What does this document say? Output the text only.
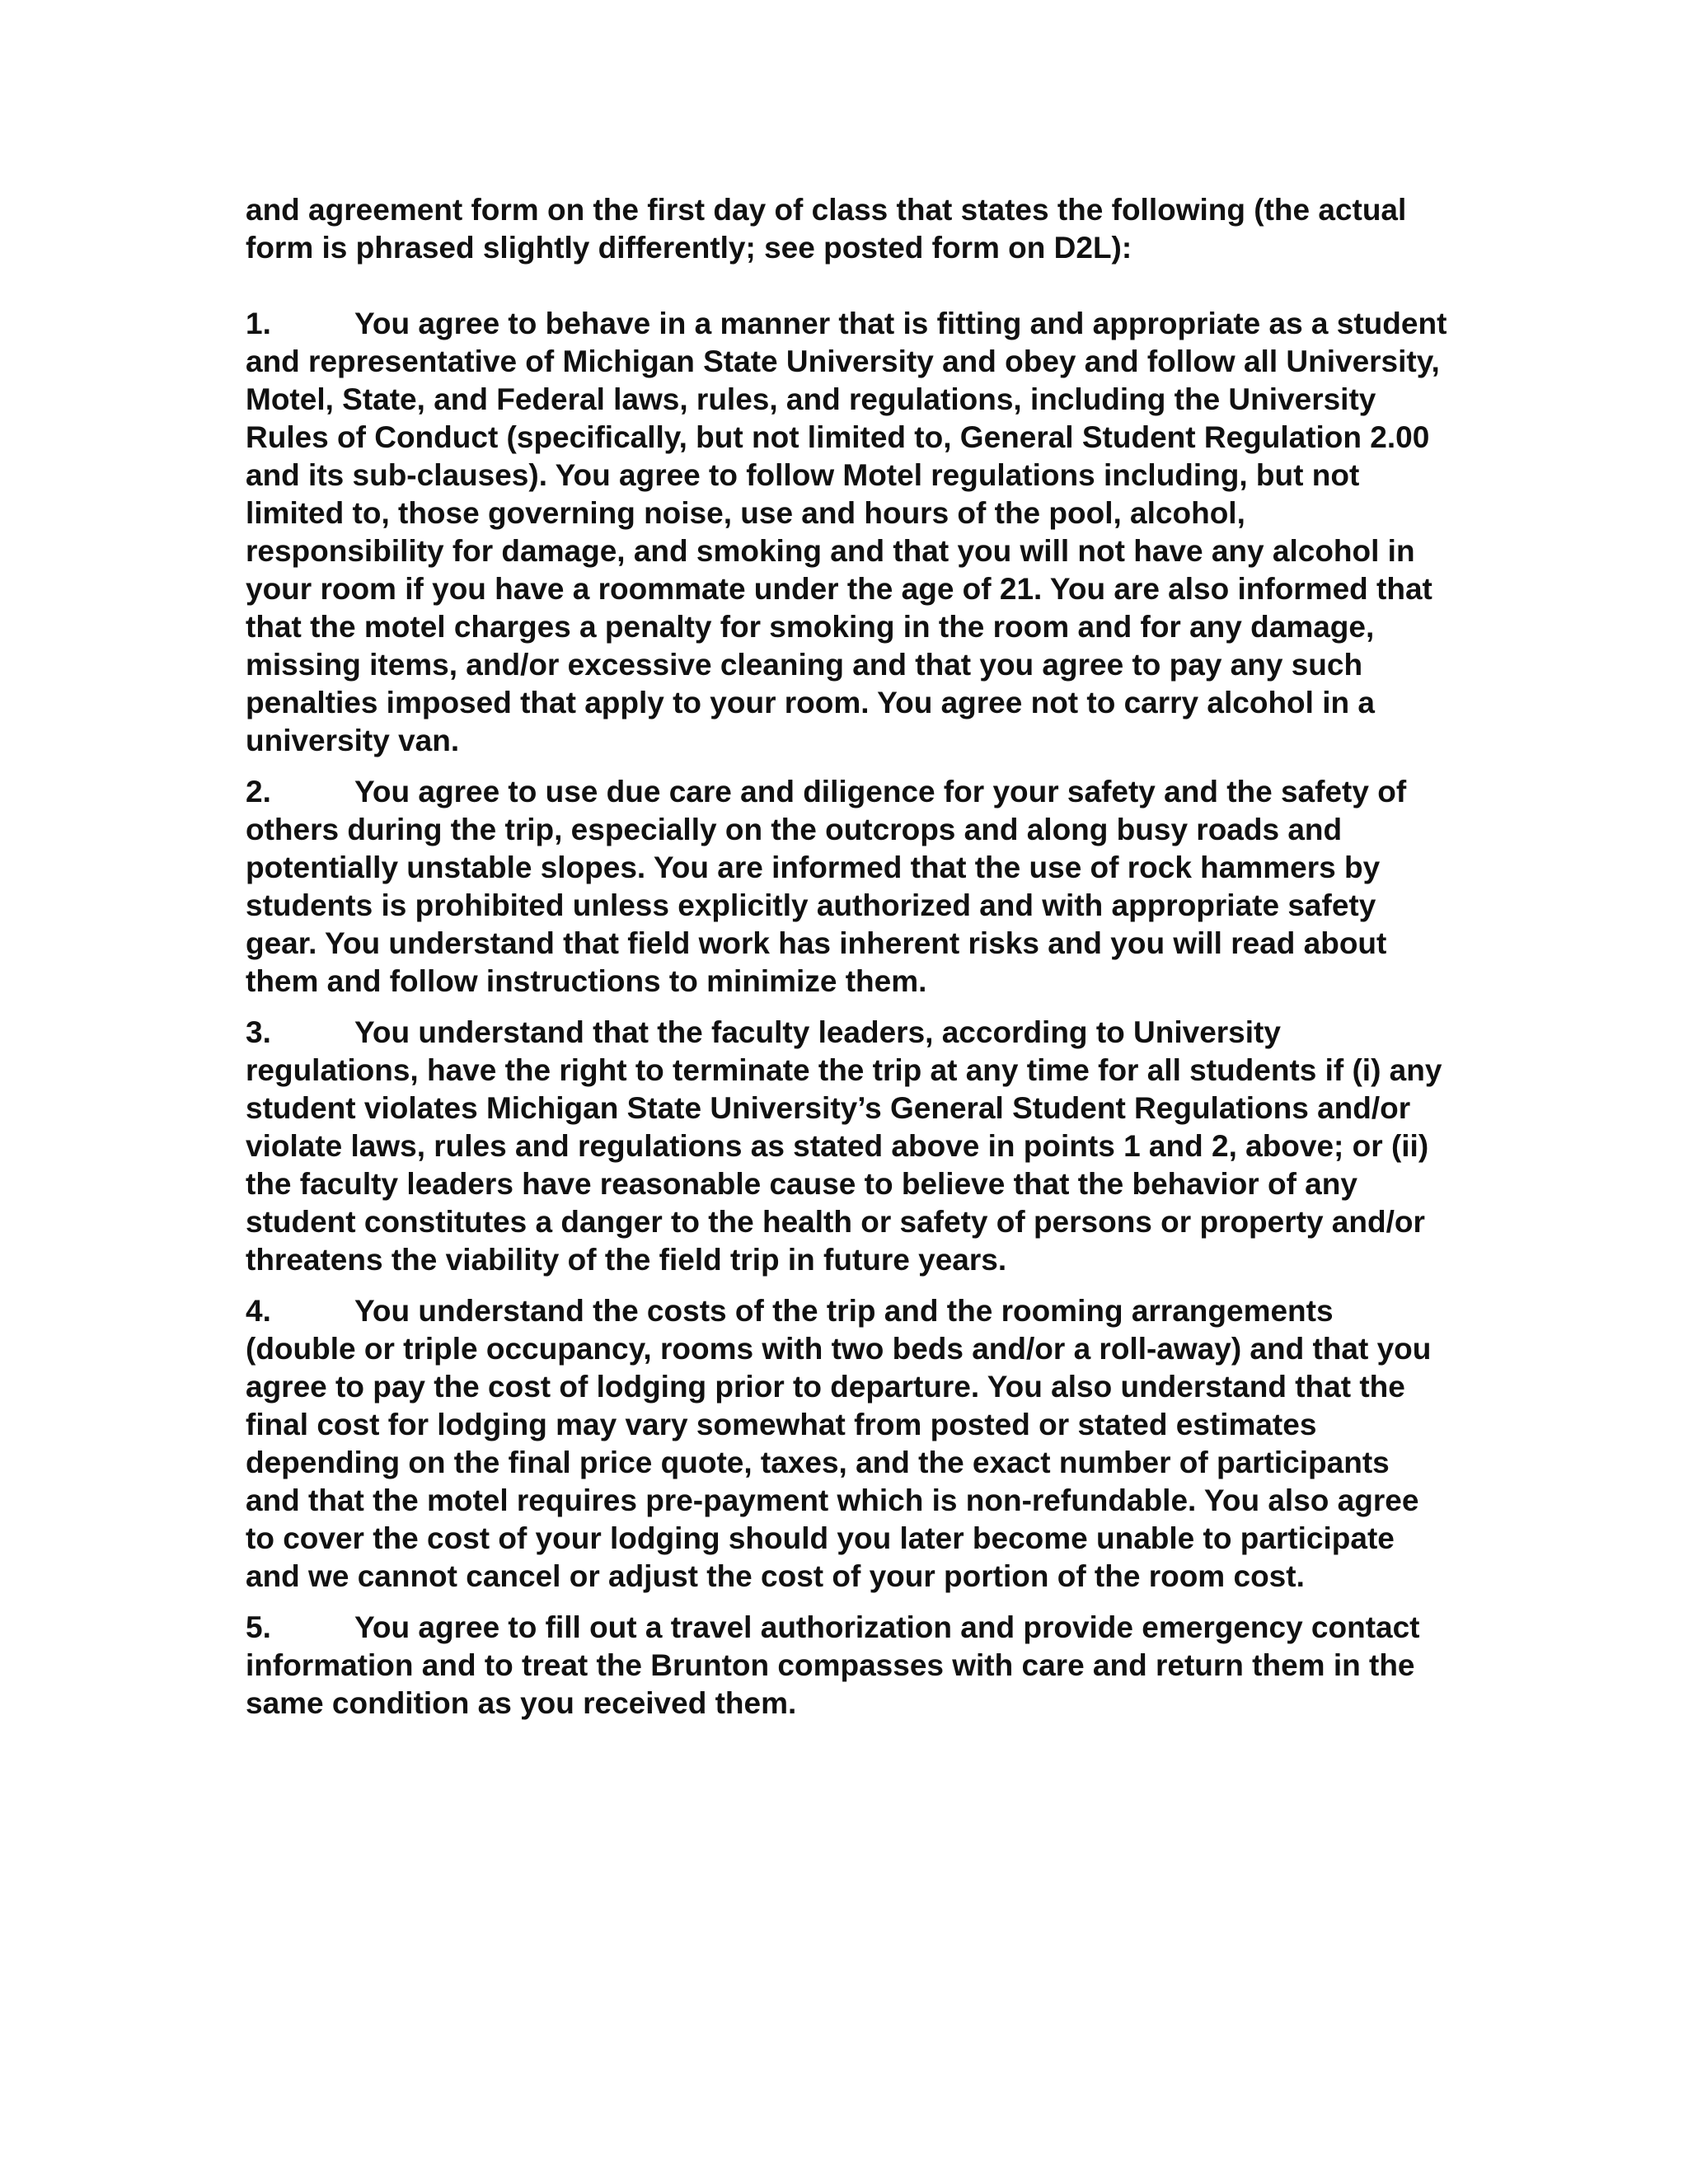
and agreement form on the first day of class that states the following (the actual form is phrased slightly differently; see posted form on D2L):

1.	You agree to behave in a manner that is fitting and appropriate as a student and representative of Michigan State University and obey and follow all University, Motel, State, and Federal laws, rules, and regulations, including the University Rules of Conduct (specifically, but not limited to, General Student Regulation 2.00 and its sub-clauses). You agree to follow Motel regulations including, but not limited to, those governing noise, use and hours of the pool, alcohol, responsibility for damage, and smoking and that you will not have any alcohol in your room if you have a roommate under the age of 21. You are also informed that that the motel charges a penalty for smoking in the room and for any damage, missing items, and/or excessive cleaning and that you agree to pay any such penalties imposed that apply to your room. You agree not to carry alcohol in a university van.

2.	You agree to use due care and diligence for your safety and the safety of others during the trip, especially on the outcrops and along busy roads and potentially unstable slopes. You are informed that the use of rock hammers by students is prohibited unless explicitly authorized and with appropriate safety gear. You understand that field work has inherent risks and you will read about them and follow instructions to minimize them.

3.	You understand that the faculty leaders, according to University regulations, have the right to terminate the trip at any time for all students if (i) any student violates Michigan State University’s General Student Regulations and/or violate laws, rules and regulations as stated above in points 1 and 2, above; or (ii) the faculty leaders have reasonable cause to believe that the behavior of any student constitutes a danger to the health or safety of persons or property and/or threatens the viability of the field trip in future years.

4.	You understand the costs of the trip and the rooming arrangements (double or triple occupancy, rooms with two beds and/or a roll-away) and that you agree to pay the cost of lodging prior to departure. You also understand that the final cost for lodging may vary somewhat from posted or stated estimates depending on the final price quote, taxes, and the exact number of participants and that the motel requires pre-payment which is non-refundable. You also agree to cover the cost of your lodging should you later become unable to participate and we cannot cancel or adjust the cost of your portion of the room cost.

5.	You agree to fill out a travel authorization and provide emergency contact information and to treat the Brunton compasses with care and return them in the same condition as you received them.
